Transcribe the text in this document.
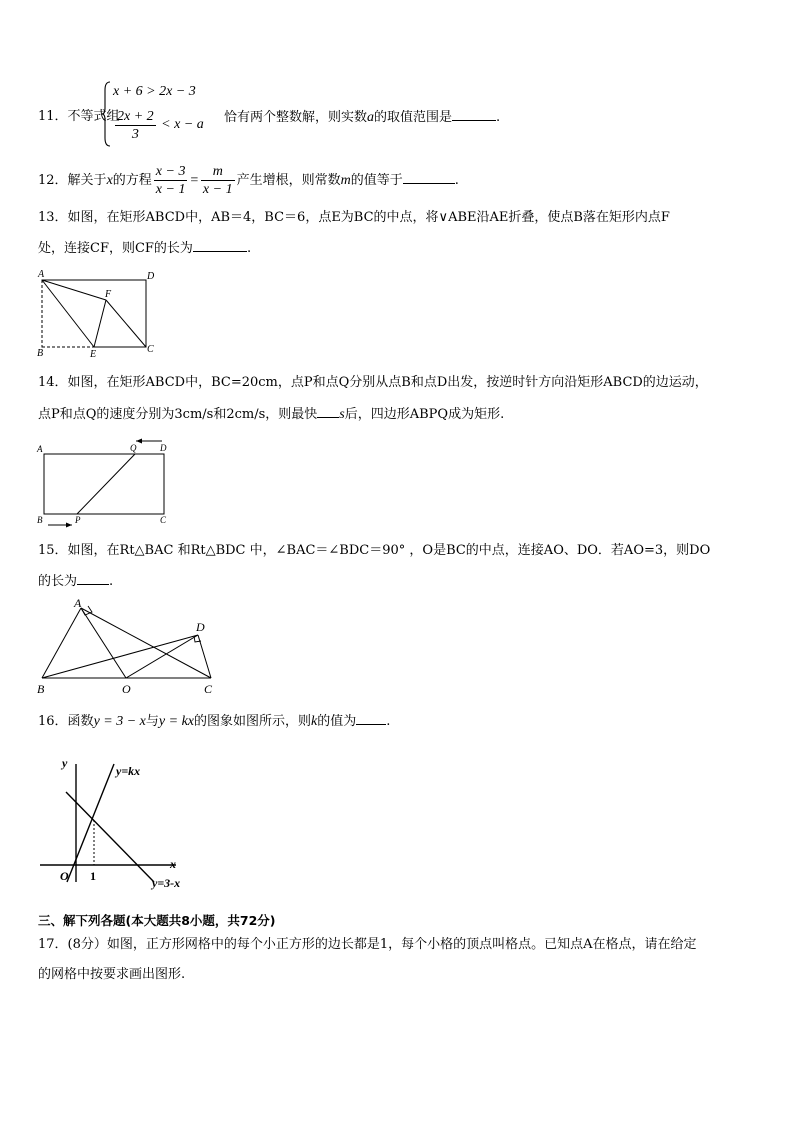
11．不等式组
x + 6 > 2x − 3
$\frac{2x + 2}{3} < x - a$ 恰有两个整数解，则实数a的取值范围是	.
12．解关于x的方程 $\frac{x - 3}{x - 1} = \frac{m}{x - 1}$ 产生增根，则常数m的值等于	.
13．如图，在矩形ABCD中，AB＝4，BC＝6，点E为BC的中点，将∨ABE沿AE折叠，使点B落在矩形内点F
处，连接CF，则CF的长为	.
A	D
B	E	C
F
14．如图，在矩形ABCD中，BC=20cm，点P和点Q分别从点B和点D出发，按逆时针方向沿矩形ABCD的边运动，
点P和点Q的速度分别为3cm/s和2cm/s，则最快 s后，四边形ABPQ成为矩形.
A	Q	D
B	P	C
15．如图，在Rt△BAC 和Rt△BDC 中，∠BAC＝∠BDC＝90° ，O是BC的中点，连接AO、DO．若AO=3，则DO
的长为 .
A
D
B	O	C
16．函数y = 3 − x与y = kx的图象如图所示，则k的值为 .
y
y=kx
x
O 1	y=3-x
三、解下列各题(本大题共8小题，共72分)
17．(8分）如图，正方形网格中的每个小正方形的边长都是1，每个小格的顶点叫格点。已知点A在格点，请在给定
的网格中按要求画出图形.
